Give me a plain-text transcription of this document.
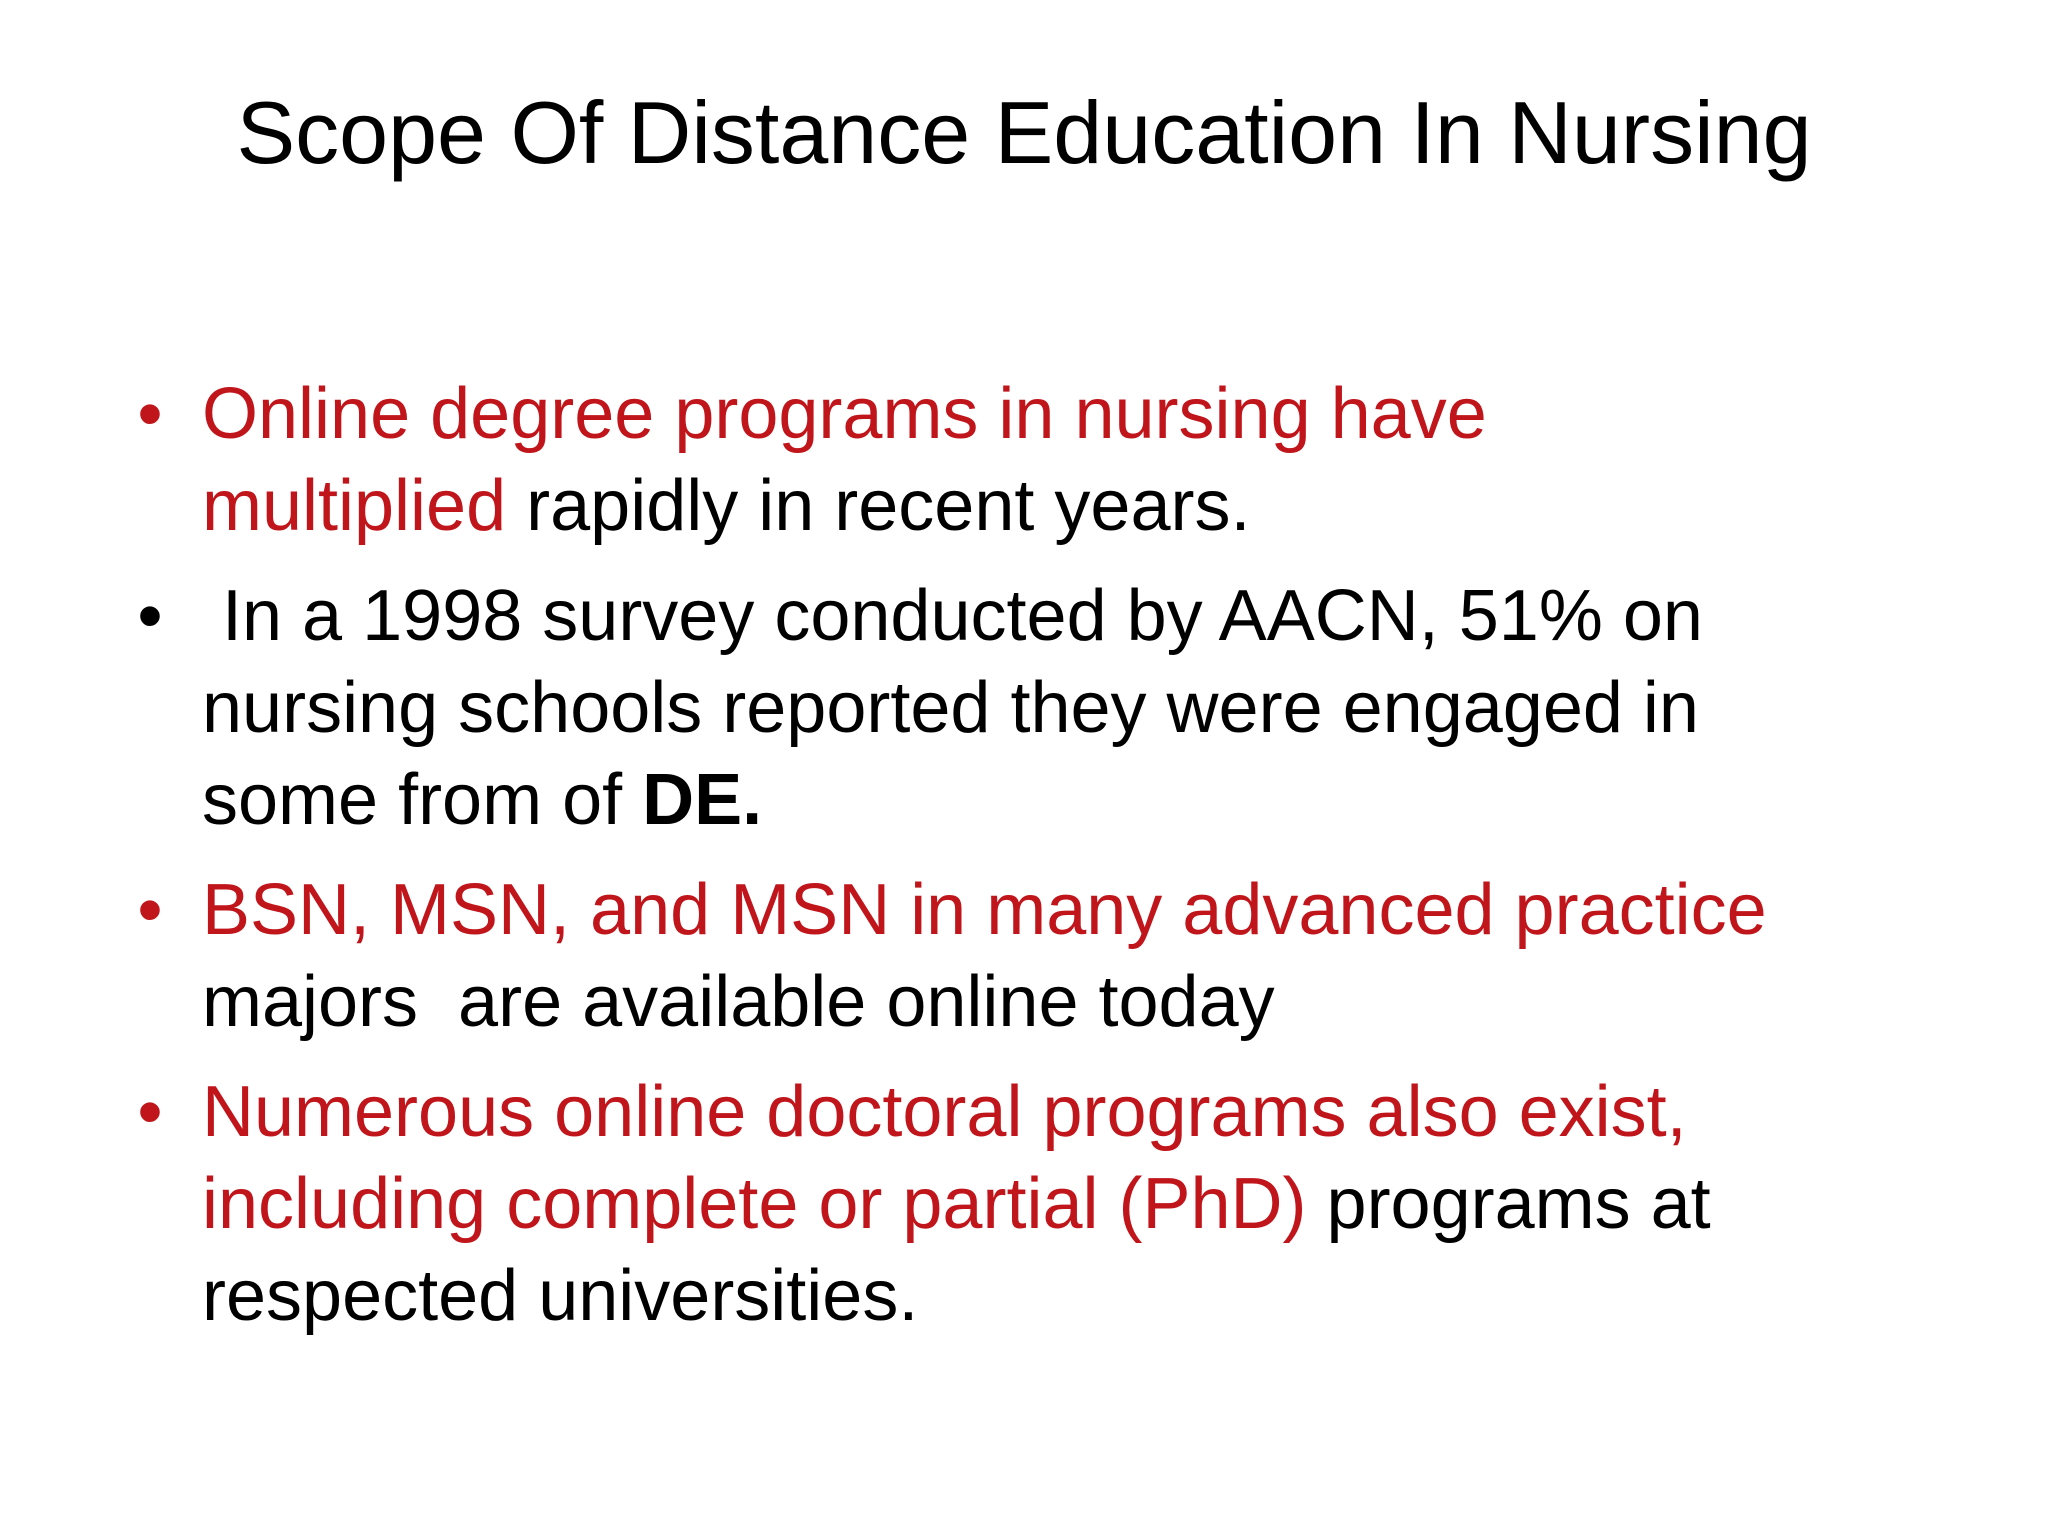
Scope Of Distance Education In Nursing
• Online degree programs in nursing have
multiplied rapidly in recent years.
• In a 1998 survey conducted by AACN, 51% on
nursing schools reported they were engaged in
some from of DE.
• BSN, MSN, and MSN in many advanced practice
majors  are available online today
• Numerous online doctoral programs also exist,
including complete or partial (PhD) programs at
respected universities.
